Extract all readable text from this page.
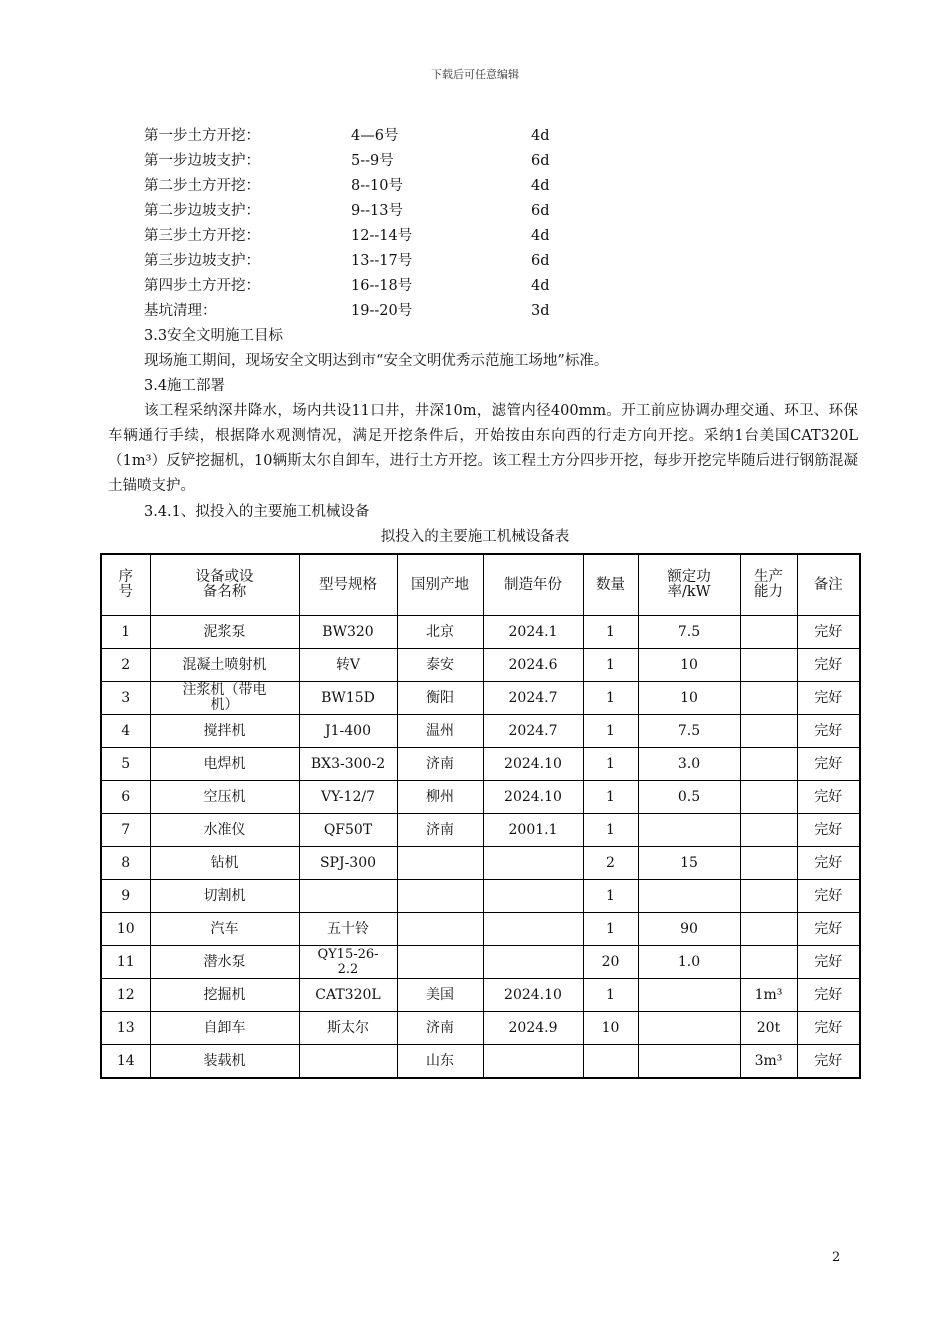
下载后可任意编辑
第一步土方开挖：	4—6号	4d
第一步边坡支护：	5--9号	6d
第二步土方开挖：	8--10号	4d
第二步边坡支护：	9--13号	6d
第三步土方开挖：	12--14号	4d
第三步边坡支护：	13--17号	6d
第四步土方开挖：	16--18号	4d
基坑清理：	19--20号	3d
3.3安全文明施工目标
现场施工期间，现场安全文明达到市“安全文明优秀示范施工场地”标准。
3.4施工部署
该工程采纳深井降水，场内共设11口井，井深10m，滤管内径400mm。开工前应协调办理交通、环卫、环保车辆通行手续，根据降水观测情况，满足开挖条件后，开始按由东向西的行走方向开挖。采纳1台美国CAT320L（1m³）反铲挖掘机，10辆斯太尔自卸车，进行土方开挖。该工程土方分四步开挖，每步开挖完毕随后进行钢筋混凝土锚喷支护。
3.4.1、拟投入的主要施工机械设备
拟投入的主要施工机械设备表
序号	设备或设备名称	型号规格	国别产地	制造年份	数量	额定功率/kW	生产能力	备注
1	泥浆泵	BW320	北京	2024.1	1	7.5		完好
2	混凝土喷射机	转Ⅴ	泰安	2024.6	1	10		完好
3	注浆机（带电机）	BW15D	衡阳	2024.7	1	10		完好
4	搅拌机	J1-400	温州	2024.7	1	7.5		完好
5	电焊机	BX3-300-2	济南	2024.10	1	3.0		完好
6	空压机	VY-12/7	柳州	2024.10	1	0.5		完好
7	水准仪	QF50T	济南	2001.1	1			完好
8	钻机	SPJ-300			2	15		完好
9	切割机				1			完好
10	汽车	五十铃			1	90		完好
11	潜水泵	QY15-26-2.2			20	1.0		完好
12	挖掘机	CAT320L	美国	2024.10	1		1m³	完好
13	自卸车	斯太尔	济南	2024.9	10		20t	完好
14	装载机		山东				3m³	完好
2
